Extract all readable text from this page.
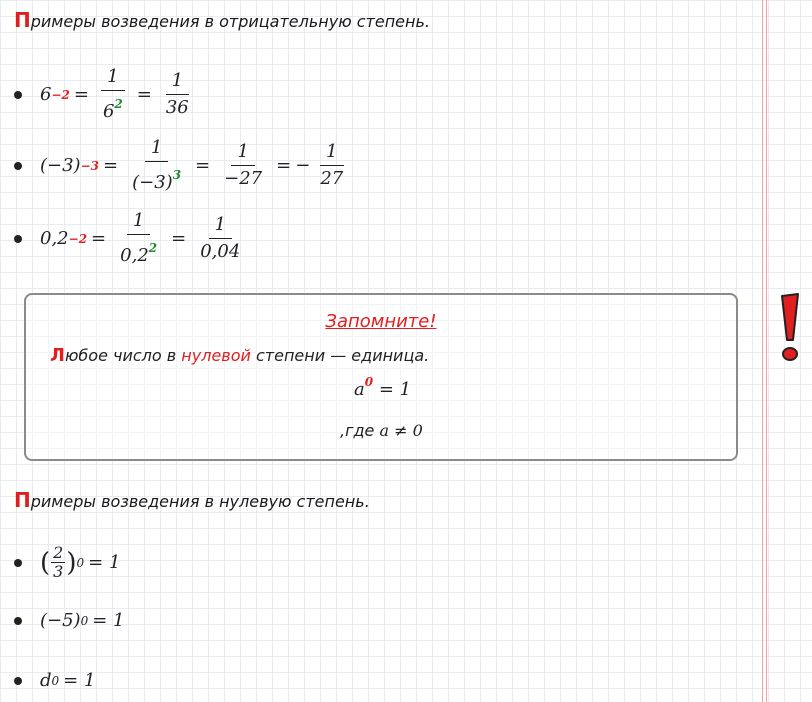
Примеры возведения в отрицательную степень.
$6 -2 = \frac{1}{6^2} = \frac{1}{36}$
$(-3) -3 = \frac{1}{(-3)^3} = \frac{1}{-27}$ = − $\frac{1}{27}$
$0,2 -2 = \frac{1}{0,2^2} = \frac{1}{0,04}$
Запомните!
Любое число в нулевой степени — единица.
$a^0 = 1$
,где a ≠ 0
Примеры возведения в нулевую степень.
( $\frac{2}{3}$ ) 0 = 1
(−5) 0 = 1
d 0 = 1
